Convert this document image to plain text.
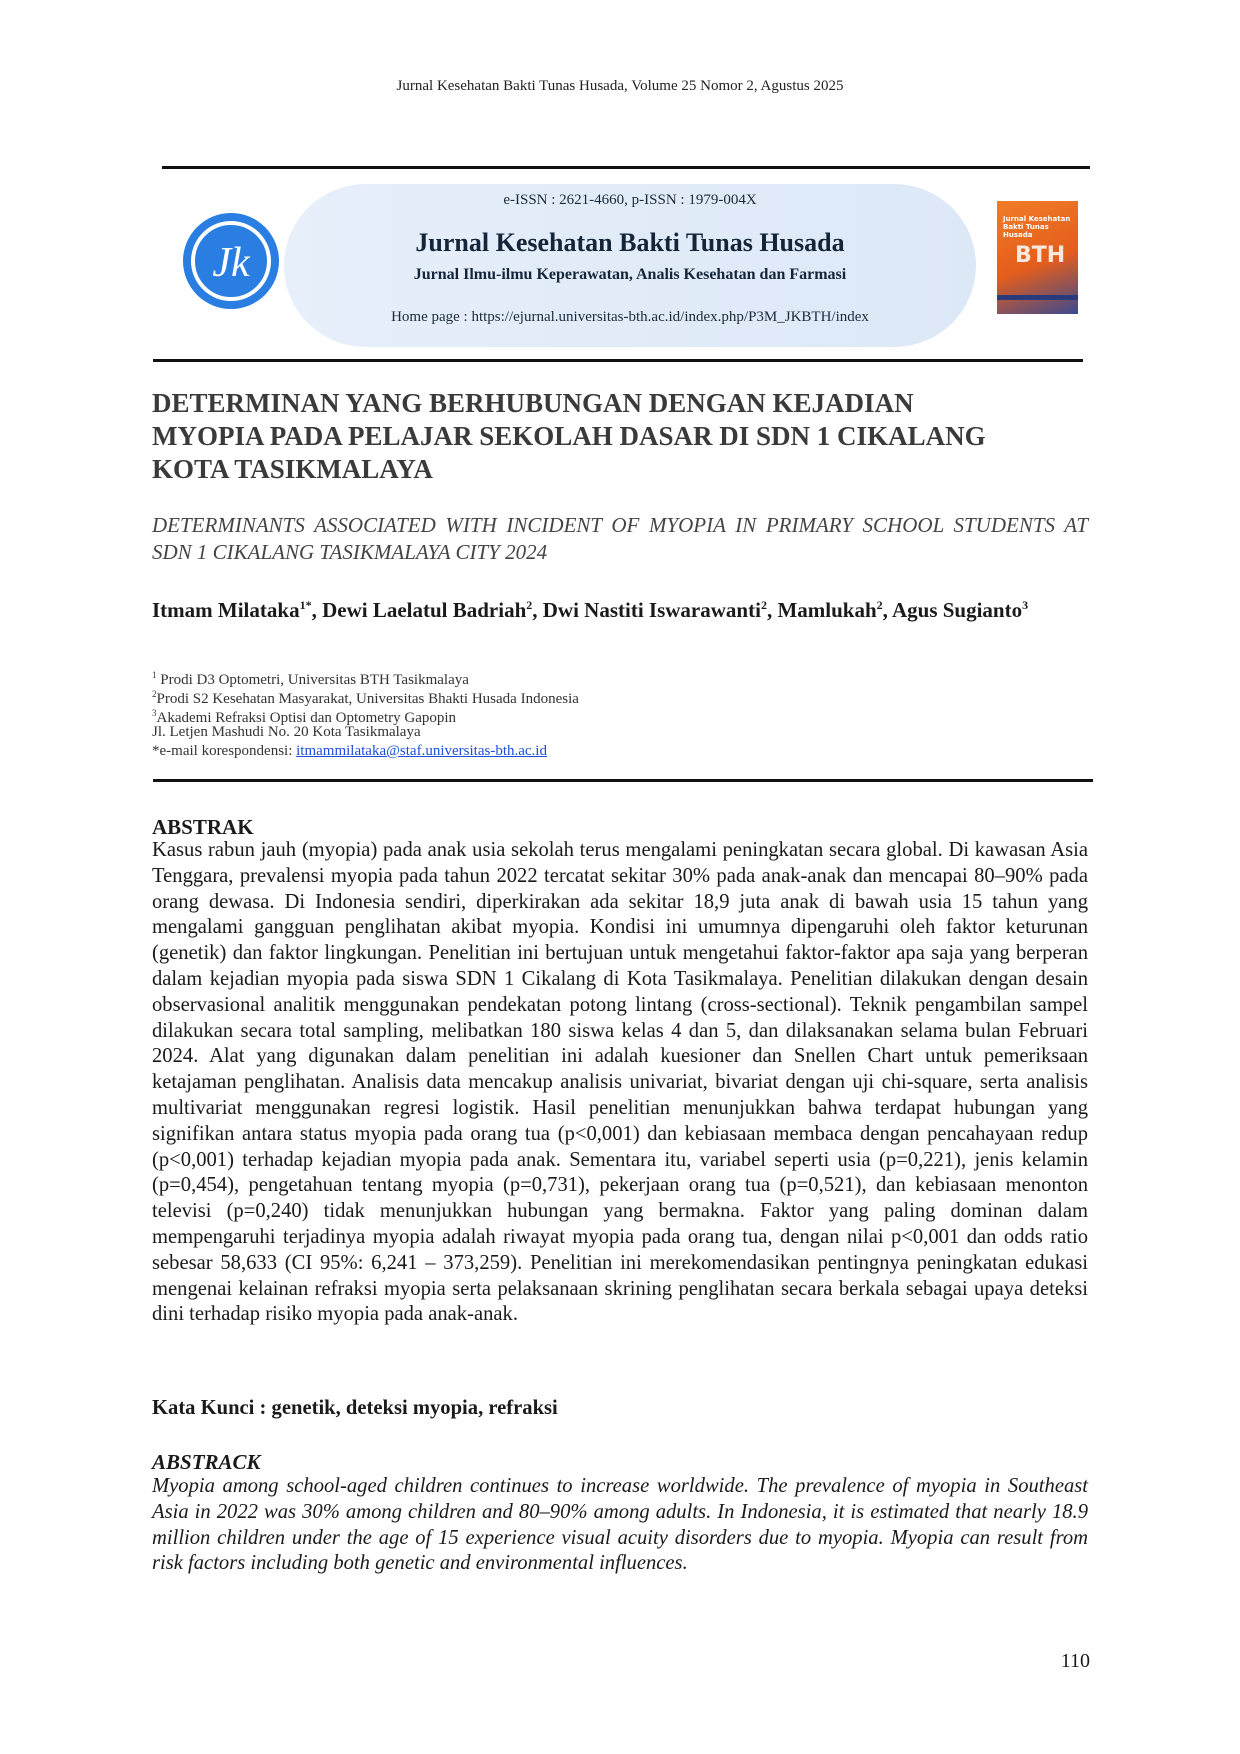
Jurnal Kesehatan Bakti Tunas Husada, Volume 25 Nomor 2, Agustus 2025
Jk
e-ISSN : 2621-4660, p-ISSN : 1979-004X
Jurnal Kesehatan Bakti Tunas Husada
Jurnal Ilmu-ilmu Keperawatan, Analis Kesehatan dan Farmasi
Home page : https://ejurnal.universitas-bth.ac.id/index.php/P3M_JKBTH/index
Jurnal Kesehatan Bakti Tunas Husada
BTH
DETERMINAN YANG BERHUBUNGAN DENGAN KEJADIAN
MYOPIA PADA PELAJAR SEKOLAH DASAR DI SDN 1 CIKALANG
KOTA TASIKMALAYA
DETERMINANTS ASSOCIATED WITH INCIDENT OF MYOPIA IN PRIMARY SCHOOL STUDENTS AT SDN 1 CIKALANG TASIKMALAYA CITY 2024
Itmam Milataka$^{1*}$, Dewi Laelatul Badriah$^2$, Dwi Nastiti Iswarawanti$^2$, Mamlukah$^2$, Agus Sugianto$^3$
$^1$ Prodi D3 Optometri, Universitas BTH Tasikmalaya
$^2$Prodi S2 Kesehatan Masyarakat, Universitas Bhakti Husada Indonesia
$^3$Akademi Refraksi Optisi dan Optometry Gapopin
Jl. Letjen Mashudi No. 20 Kota Tasikmalaya
*e-mail korespondensi: itmammilataka@staf.universitas-bth.ac.id
ABSTRAK
Kasus rabun jauh (myopia) pada anak usia sekolah terus mengalami peningkatan secara global. Di kawasan Asia Tenggara, prevalensi myopia pada tahun 2022 tercatat sekitar 30% pada anak-anak dan mencapai 80–90% pada orang dewasa. Di Indonesia sendiri, diperkirakan ada sekitar 18,9 juta anak di bawah usia 15 tahun yang mengalami gangguan penglihatan akibat myopia. Kondisi ini umumnya dipengaruhi oleh faktor keturunan (genetik) dan faktor lingkungan. Penelitian ini bertujuan untuk mengetahui faktor-faktor apa saja yang berperan dalam kejadian myopia pada siswa SDN 1 Cikalang di Kota Tasikmalaya. Penelitian dilakukan dengan desain observasional analitik menggunakan pendekatan potong lintang (cross-sectional). Teknik pengambilan sampel dilakukan secara total sampling, melibatkan 180 siswa kelas 4 dan 5, dan dilaksanakan selama bulan Februari 2024. Alat yang digunakan dalam penelitian ini adalah kuesioner dan Snellen Chart untuk pemeriksaan ketajaman penglihatan. Analisis data mencakup analisis univariat, bivariat dengan uji chi-square, serta analisis multivariat menggunakan regresi logistik. Hasil penelitian menunjukkan bahwa terdapat hubungan yang signifikan antara status myopia pada orang tua (p<0,001) dan kebiasaan membaca dengan pencahayaan redup (p<0,001) terhadap kejadian myopia pada anak. Sementara itu, variabel seperti usia (p=0,221), jenis kelamin (p=0,454), pengetahuan tentang myopia (p=0,731), pekerjaan orang tua (p=0,521), dan kebiasaan menonton televisi (p=0,240) tidak menunjukkan hubungan yang bermakna. Faktor yang paling dominan dalam mempengaruhi terjadinya myopia adalah riwayat myopia pada orang tua, dengan nilai p<0,001 dan odds ratio sebesar 58,633 (CI 95%: 6,241 – 373,259). Penelitian ini merekomendasikan pentingnya peningkatan edukasi mengenai kelainan refraksi myopia serta pelaksanaan skrining penglihatan secara berkala sebagai upaya deteksi dini terhadap risiko myopia pada anak-anak.
Kata Kunci : genetik, deteksi myopia, refraksi
ABSTRACK
Myopia among school-aged children continues to increase worldwide. The prevalence of myopia in Southeast Asia in 2022 was 30% among children and 80–90% among adults. In Indonesia, it is estimated that nearly 18.9 million children under the age of 15 experience visual acuity disorders due to myopia. Myopia can result from risk factors including both genetic and environmental influences.
110
